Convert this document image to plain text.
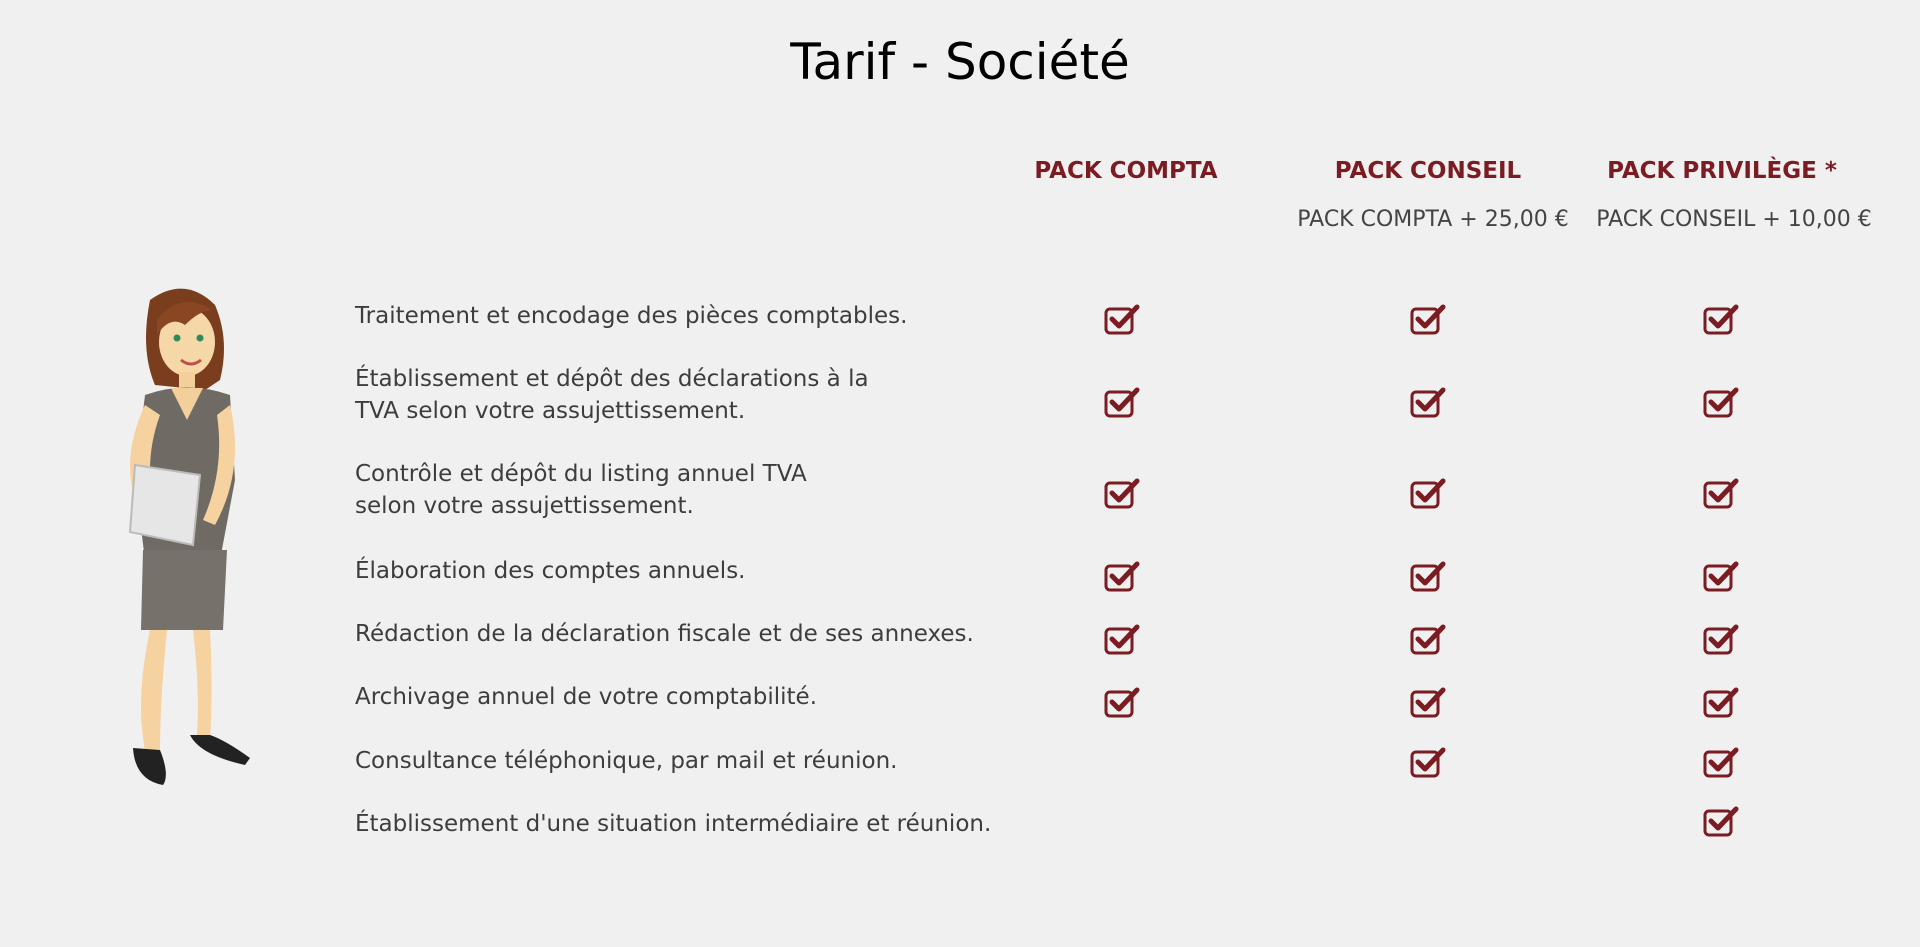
Tarif - Société
PACK COMPTA	PACK CONSEIL	PACK PRIVILÈGE *
PACK COMPTA + 25,00 € PACK CONSEIL + 10,00 €
Traitement et encodage des pièces comptables.
Établissement et dépôt des déclarations à la TVA selon votre assujettissement.
Contrôle et dépôt du listing annuel TVA selon votre assujettissement.
Élaboration des comptes annuels.
Rédaction de la déclaration fiscale et de ses annexes.
Archivage annuel de votre comptabilité.
Consultance téléphonique, par mail et réunion.
Établissement d'une situation intermédiaire et réunion.
